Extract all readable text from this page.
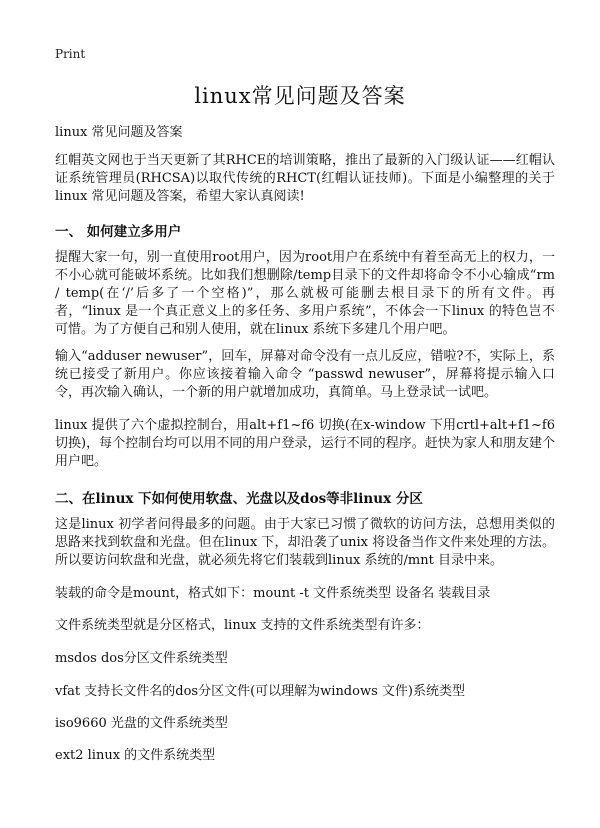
Print
linux常见问题及答案
linux 常见问题及答案
红帽英文网也于当天更新了其RHCE的培训策略，推出了最新的入门级认证——红帽认证系统管理员(RHCSA)以取代传统的RHCT(红帽认证技师)。下面是小编整理的关于linux 常见问题及答案，希望大家认真阅读!
一、 如何建立多用户
提醒大家一句，别一直使用root用户，因为root用户在系统中有着至高无上的权力，一不小心就可能破坏系统。比如我们想删除/temp目录下的文件却将命令不小心输成“rm / temp(在‘/’后多了一个空格)”，那么就极可能删去根目录下的所有文件。再者，“linux 是一个真正意义上的多任务、多用户系统”，不体会一下linux 的特色岂不可惜。为了方便自己和别人使用，就在linux 系统下多建几个用户吧。
输入“adduser newuser”，回车，屏幕对命令没有一点儿反应，错啦?不，实际上，系统已接受了新用户。你应该接着输入命令 “passwd newuser”，屏幕将提示输入口令，再次输入确认，一个新的用户就增加成功，真简单。马上登录试一试吧。
linux 提供了六个虚拟控制台，用alt+f1~f6 切换(在x-window 下用crtl+alt+f1~f6 切换)，每个控制台均可以用不同的用户登录，运行不同的程序。赶快为家人和朋友建个用户吧。
二、在linux 下如何使用软盘、光盘以及dos等非linux 分区
这是linux 初学者问得最多的问题。由于大家已习惯了微软的访问方法，总想用类似的思路来找到软盘和光盘。但在linux 下，却沿袭了unix 将设备当作文件来处理的方法。所以要访问软盘和光盘，就必须先将它们装载到linux 系统的/mnt 目录中来。
装载的命令是mount，格式如下：mount -t 文件系统类型 设备名 装载目录
文件系统类型就是分区格式，linux 支持的文件系统类型有许多：
msdos dos分区文件系统类型
vfat 支持长文件名的dos分区文件(可以理解为windows 文件)系统类型
iso9660 光盘的文件系统类型
ext2 linux 的文件系统类型
